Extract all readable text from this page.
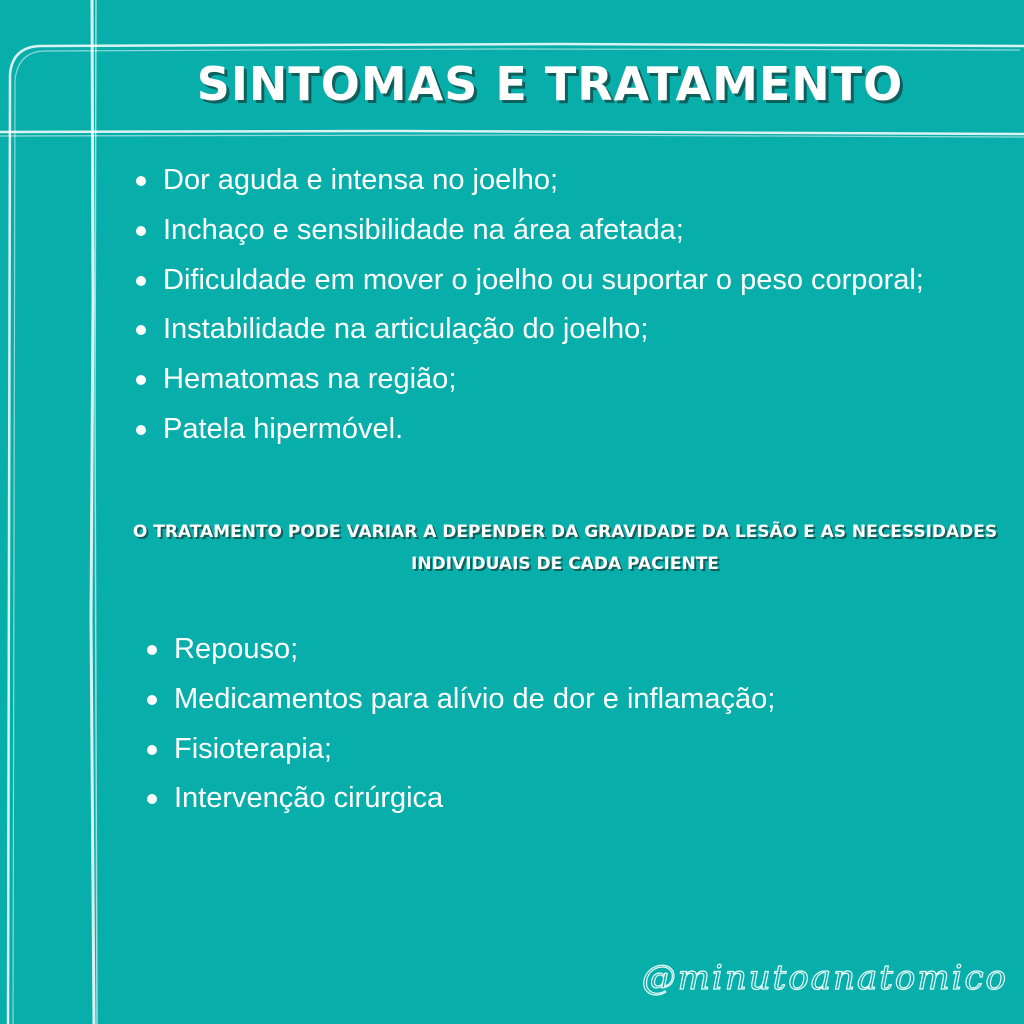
SINTOMAS E TRATAMENTO
Dor aguda e intensa no joelho;
Inchaço e sensibilidade na área afetada;
Dificuldade em mover o joelho ou suportar o peso corporal;
Instabilidade na articulação do joelho;
Hematomas na região;
Patela hipermóvel.

O TRATAMENTO PODE VARIAR A DEPENDER DA GRAVIDADE DA LESÃO E AS NECESSIDADES INDIVIDUAIS DE CADA PACIENTE

Repouso;
Medicamentos para alívio de dor e inflamação;
Fisioterapia;
Intervenção cirúrgica

@minutoanatomico
